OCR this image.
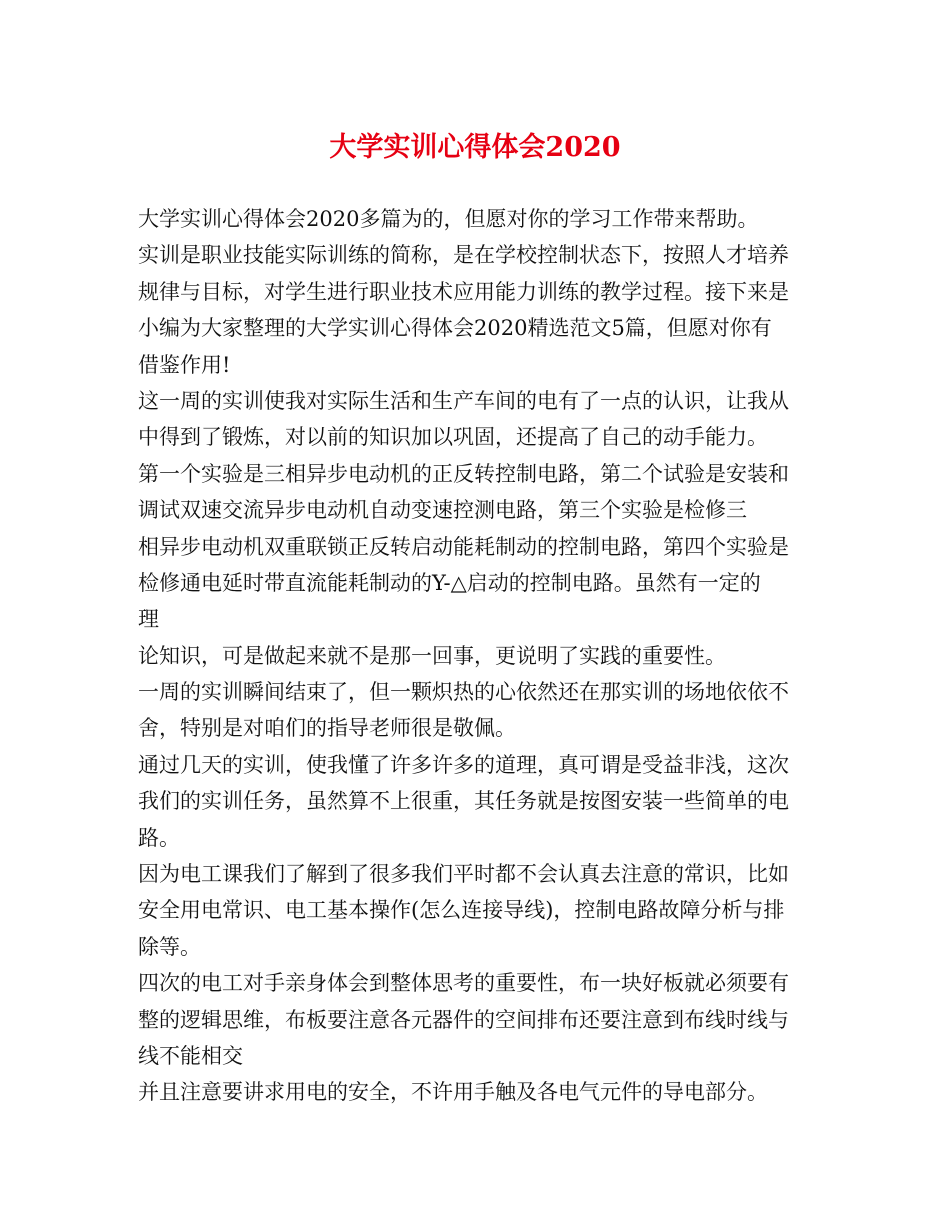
大学实训心得体会2020
大学实训心得体会2020多篇为的，但愿对你的学习工作带来帮助。
实训是职业技能实际训练的简称，是在学校控制状态下，按照人才培养
规律与目标，对学生进行职业技术应用能力训练的教学过程。接下来是
小编为大家整理的大学实训心得体会2020精选范文5篇，但愿对你有
借鉴作用!
这一周的实训使我对实际生活和生产车间的电有了一点的认识，让我从
中得到了锻炼，对以前的知识加以巩固，还提高了自己的动手能力。
第一个实验是三相异步电动机的正反转控制电路，第二个试验是安装和
调试双速交流异步电动机自动变速控测电路，第三个实验是检修三
相异步电动机双重联锁正反转启动能耗制动的控制电路，第四个实验是
检修通电延时带直流能耗制动的Y-△启动的控制电路。虽然有一定的
理
论知识，可是做起来就不是那一回事，更说明了实践的重要性。
一周的实训瞬间结束了，但一颗炽热的心依然还在那实训的场地依依不
舍，特别是对咱们的指导老师很是敬佩。
通过几天的实训，使我懂了许多许多的道理，真可谓是受益非浅，这次
我们的实训任务，虽然算不上很重，其任务就是按图安装一些简单的电
路。
因为电工课我们了解到了很多我们平时都不会认真去注意的常识，比如
安全用电常识、电工基本操作(怎么连接导线)，控制电路故障分析与排
除等。
四次的电工对手亲身体会到整体思考的重要性，布一块好板就必须要有
整的逻辑思维，布板要注意各元器件的空间排布还要注意到布线时线与
线不能相交
并且注意要讲求用电的安全，不许用手触及各电气元件的导电部分。
